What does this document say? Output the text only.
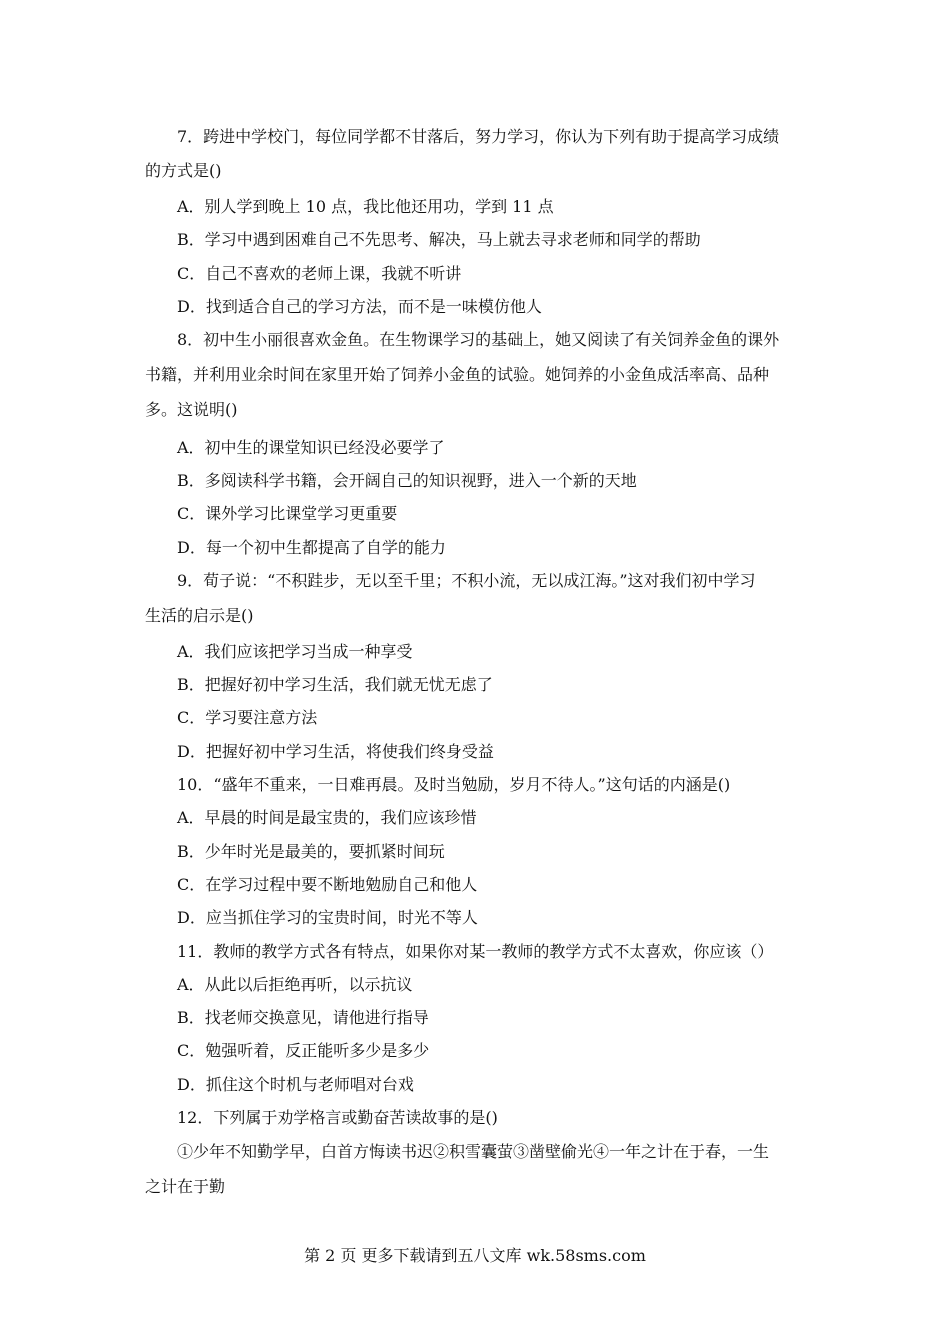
7．跨进中学校门，每位同学都不甘落后，努力学习，你认为下列有助于提高学习成绩

的方式是()

A．别人学到晚上 10 点，我比他还用功，学到 11 点

B．学习中遇到困难自己不先思考、解决，马上就去寻求老师和同学的帮助

C．自己不喜欢的老师上课，我就不听讲

D．找到适合自己的学习方法，而不是一味模仿他人

8．初中生小丽很喜欢金鱼。在生物课学习的基础上，她又阅读了有关饲养金鱼的课外

书籍，并利用业余时间在家里开始了饲养小金鱼的试验。她饲养的小金鱼成活率高、品种

多。这说明()

A．初中生的课堂知识已经没必要学了

B．多阅读科学书籍，会开阔自己的知识视野，进入一个新的天地

C．课外学习比课堂学习更重要

D．每一个初中生都提高了自学的能力

9．荀子说：“不积跬步，无以至千里；不积小流，无以成江海。”这对我们初中学习

生活的启示是()

A．我们应该把学习当成一种享受

B．把握好初中学习生活，我们就无忧无虑了

C．学习要注意方法

D．把握好初中学习生活，将使我们终身受益

10．“盛年不重来，一日难再晨。及时当勉励，岁月不待人。”这句话的内涵是()

A．早晨的时间是最宝贵的，我们应该珍惜

B．少年时光是最美的，要抓紧时间玩

C．在学习过程中要不断地勉励自己和他人

D．应当抓住学习的宝贵时间，时光不等人

11．教师的教学方式各有特点，如果你对某一教师的教学方式不太喜欢，你应该（）

A．从此以后拒绝再听，以示抗议

B．找老师交换意见，请他进行指导

C．勉强听着，反正能听多少是多少

D．抓住这个时机与老师唱对台戏

12．下列属于劝学格言或勤奋苦读故事的是()

①少年不知勤学早，白首方悔读书迟②积雪囊萤③凿壁偷光④一年之计在于春，一生

之计在于勤

第 2 页 更多下载请到五八文库 wk.58sms.com
